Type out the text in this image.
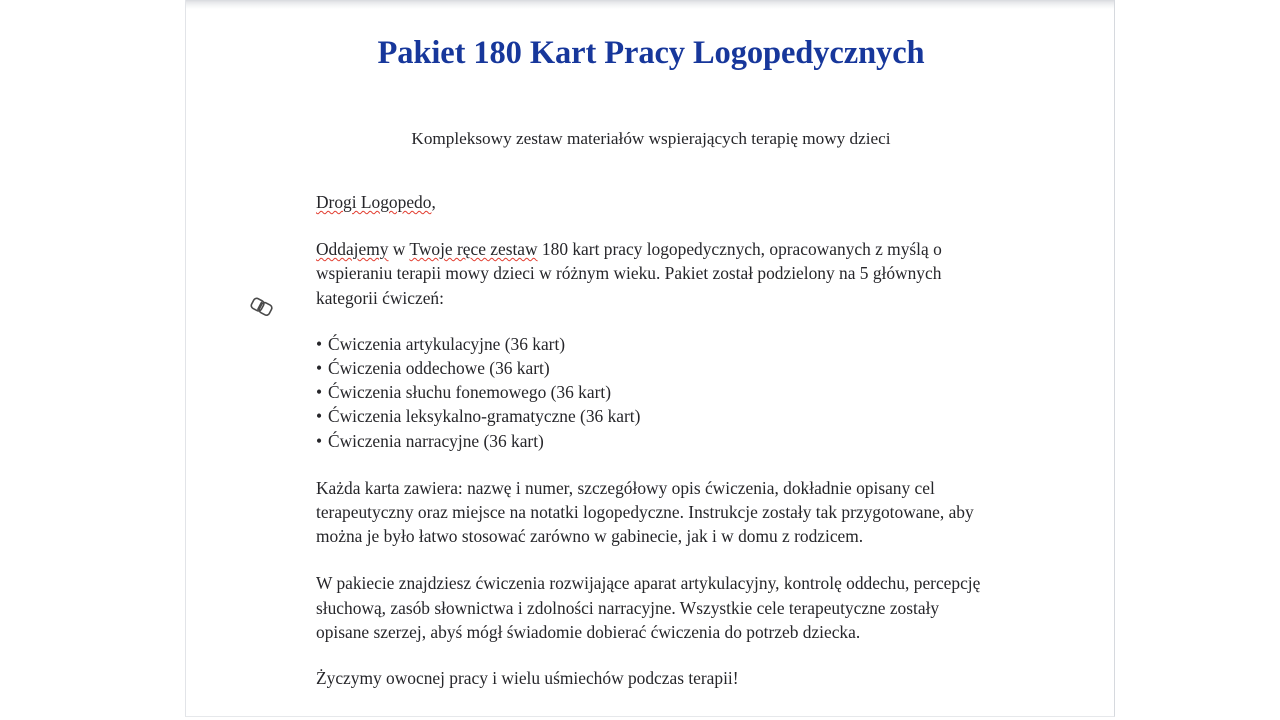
Pakiet 180 Kart Pracy Logopedycznych
Kompleksowy zestaw materiałów wspierających terapię mowy dzieci

Drogi Logopedo,

Oddajemy w Twoje ręce zestaw 180 kart pracy logopedycznych, opracowanych z myślą o wspieraniu terapii mowy dzieci w różnym wieku. Pakiet został podzielony na 5 głównych kategorii ćwiczeń:

• Ćwiczenia artykulacyjne (36 kart)
• Ćwiczenia oddechowe (36 kart)
• Ćwiczenia słuchu fonemowego (36 kart)
• Ćwiczenia leksykalno-gramatyczne (36 kart)
• Ćwiczenia narracyjne (36 kart)

Każda karta zawiera: nazwę i numer, szczegółowy opis ćwiczenia, dokładnie opisany cel terapeutyczny oraz miejsce na notatki logopedyczne. Instrukcje zostały tak przygotowane, aby można je było łatwo stosować zarówno w gabinecie, jak i w domu z rodzicem.

W pakiecie znajdziesz ćwiczenia rozwijające aparat artykulacyjny, kontrolę oddechu, percepcję słuchową, zasób słownictwa i zdolności narracyjne. Wszystkie cele terapeutyczne zostały opisane szerzej, abyś mógł świadomie dobierać ćwiczenia do potrzeb dziecka.

Życzymy owocnej pracy i wielu uśmiechów podczas terapii!
